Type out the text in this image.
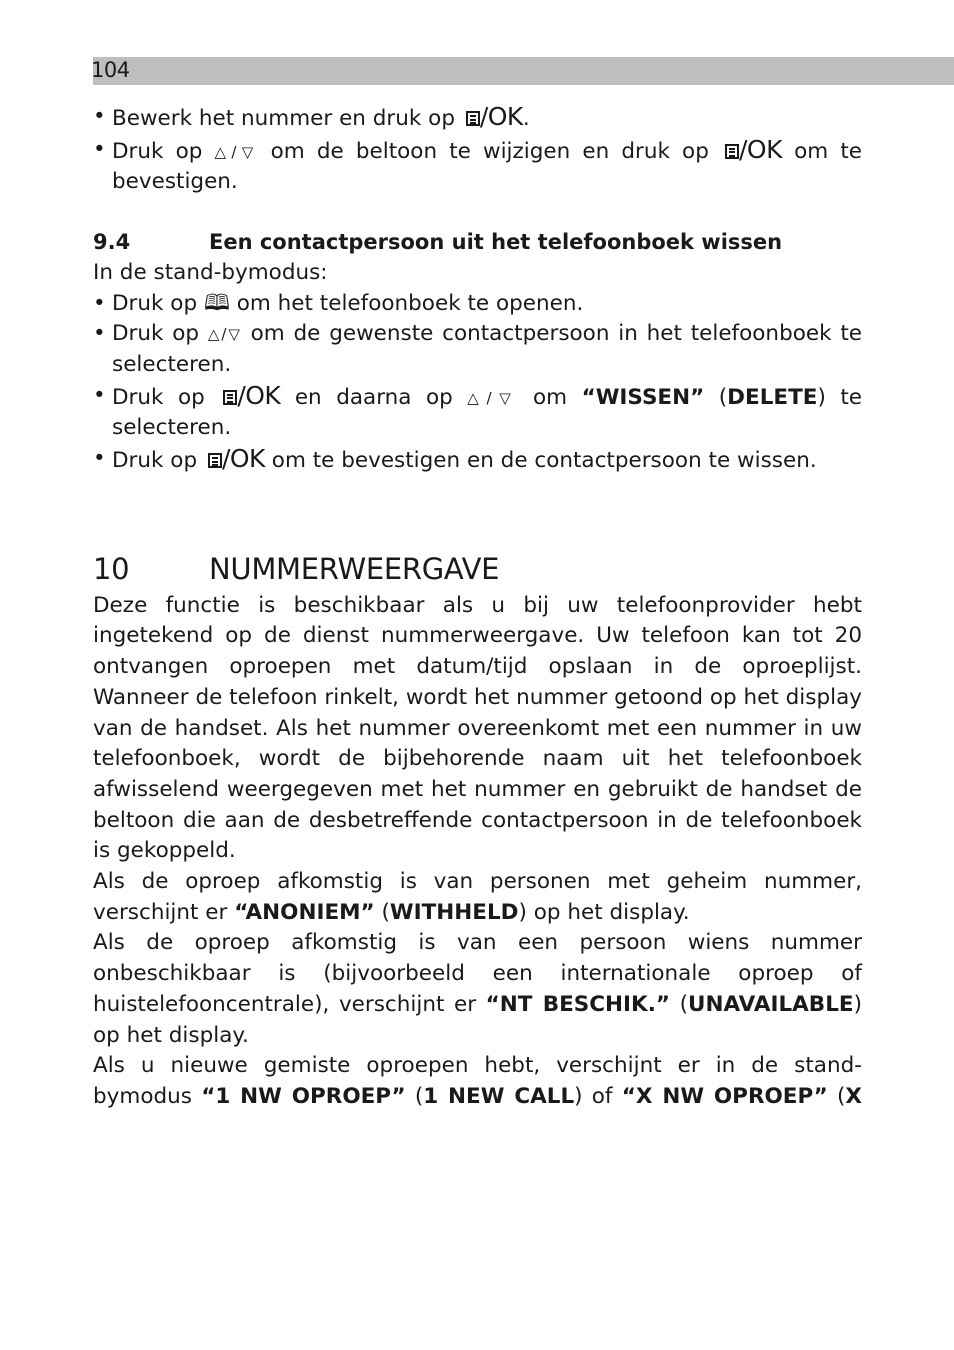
104
• Bewerk het nummer en druk op /OK.
• Druk op △/▽ om de beltoon te wijzigen en druk op /OK om te bevestigen.
9.4	Een contactpersoon uit het telefoonboek wissen
In de stand-bymodus:
• Druk op 🕮 om het telefoonboek te openen.
• Druk op △/▽ om de gewenste contactpersoon in het telefoonboek te selecteren.
• Druk op /OK en daarna op △/▽ om “WISSEN” (DELETE) te selecteren.
• Druk op /OK om te bevestigen en de contactpersoon te wissen.
10	NUMMERWEERGAVE
Deze functie is beschikbaar als u bij uw telefoonprovider hebt ingetekend op de dienst nummerweergave. Uw telefoon kan tot 20 ontvangen oproepen met datum/tijd opslaan in de oproeplijst. Wanneer de telefoon rinkelt, wordt het nummer getoond op het display van de handset. Als het nummer overeenkomt met een nummer in uw telefoonboek, wordt de bijbehorende naam uit het telefoonboek afwisselend weergegeven met het nummer en gebruikt de handset de beltoon die aan de desbetreffende contactpersoon in de telefoonboek is gekoppeld.
Als de oproep afkomstig is van personen met geheim nummer, verschijnt er “ANONIEM” (WITHHELD) op het display.
Als de oproep afkomstig is van een persoon wiens nummer onbeschikbaar is (bijvoorbeeld een internationale oproep of huistelefooncentrale), verschijnt er “NT BESCHIK.” (UNAVAILABLE) op het display.
Als u nieuwe gemiste oproepen hebt, verschijnt er in de stand-bymodus “1 NW OPROEP” (1 NEW CALL) of “X NW OPROEP” (X
